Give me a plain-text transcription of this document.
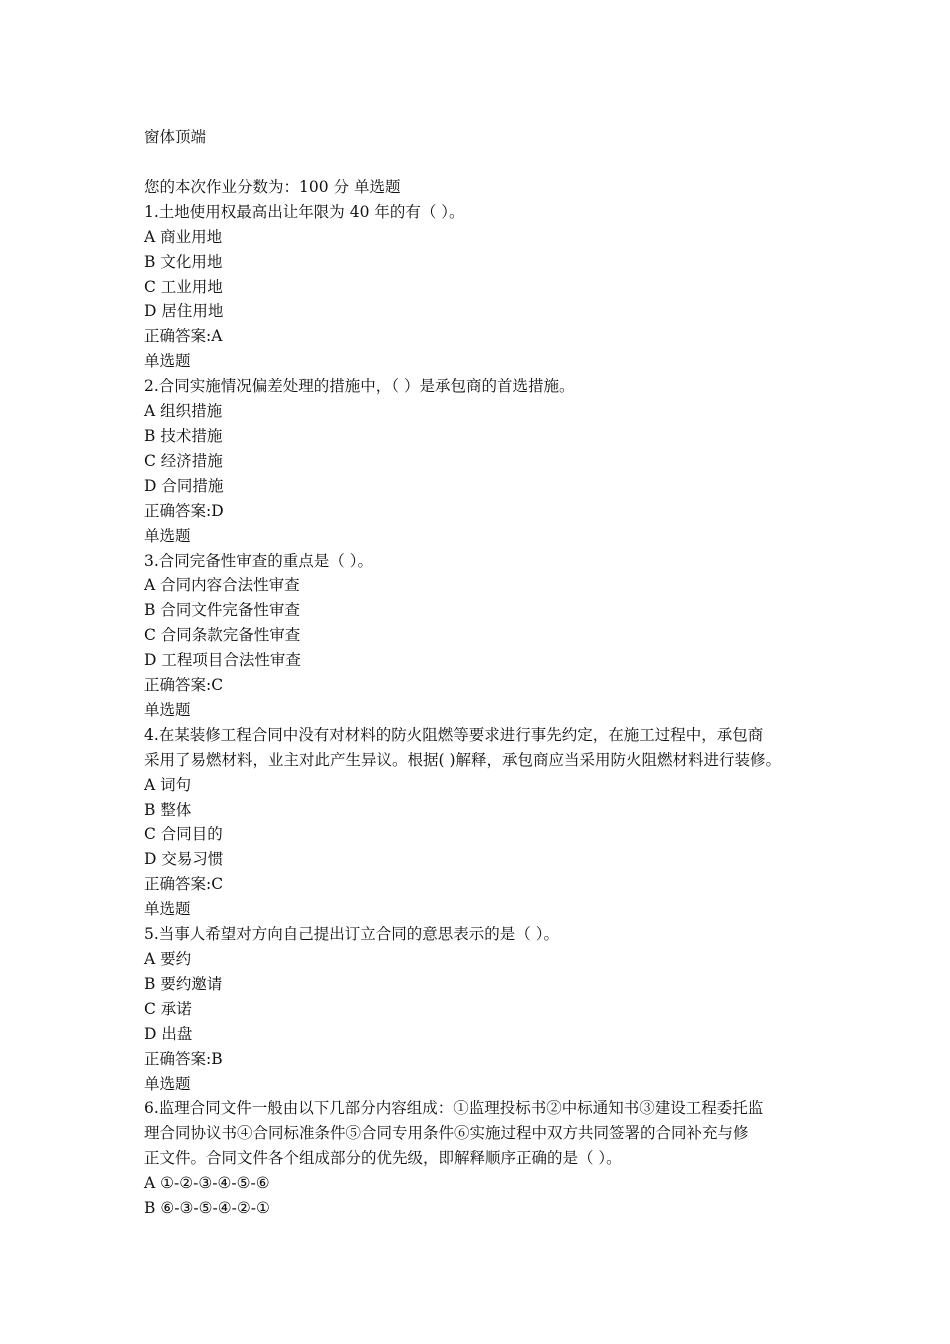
窗体顶端
您的本次作业分数为：100 分 单选题
1.土地使用权最高出让年限为 40 年的有（ ）。
A 商业用地
B 文化用地
C 工业用地
D 居住用地
正确答案:A
单选题
2.合同实施情况偏差处理的措施中，（ ）是承包商的首选措施。
A 组织措施
B 技术措施
C 经济措施
D 合同措施
正确答案:D
单选题
3.合同完备性审查的重点是（ ）。
A 合同内容合法性审查
B 合同文件完备性审查
C 合同条款完备性审查
D 工程项目合法性审查
正确答案:C
单选题
4.在某装修工程合同中没有对材料的防火阻燃等要求进行事先约定，在施工过程中，承包商
采用了易燃材料，业主对此产生异议。根据( )解释，承包商应当采用防火阻燃材料进行装修。
A 词句
B 整体
C 合同目的
D 交易习惯
正确答案:C
单选题
5.当事人希望对方向自己提出订立合同的意思表示的是（ ）。
A 要约
B 要约邀请
C 承诺
D 出盘
正确答案:B
单选题
6.监理合同文件一般由以下几部分内容组成：①监理投标书②中标通知书③建设工程委托监
理合同协议书④合同标准条件⑤合同专用条件⑥实施过程中双方共同签署的合同补充与修
正文件。合同文件各个组成部分的优先级，即解释顺序正确的是（ ）。
A ①-②-③-④-⑤-⑥
B ⑥-③-⑤-④-②-①
